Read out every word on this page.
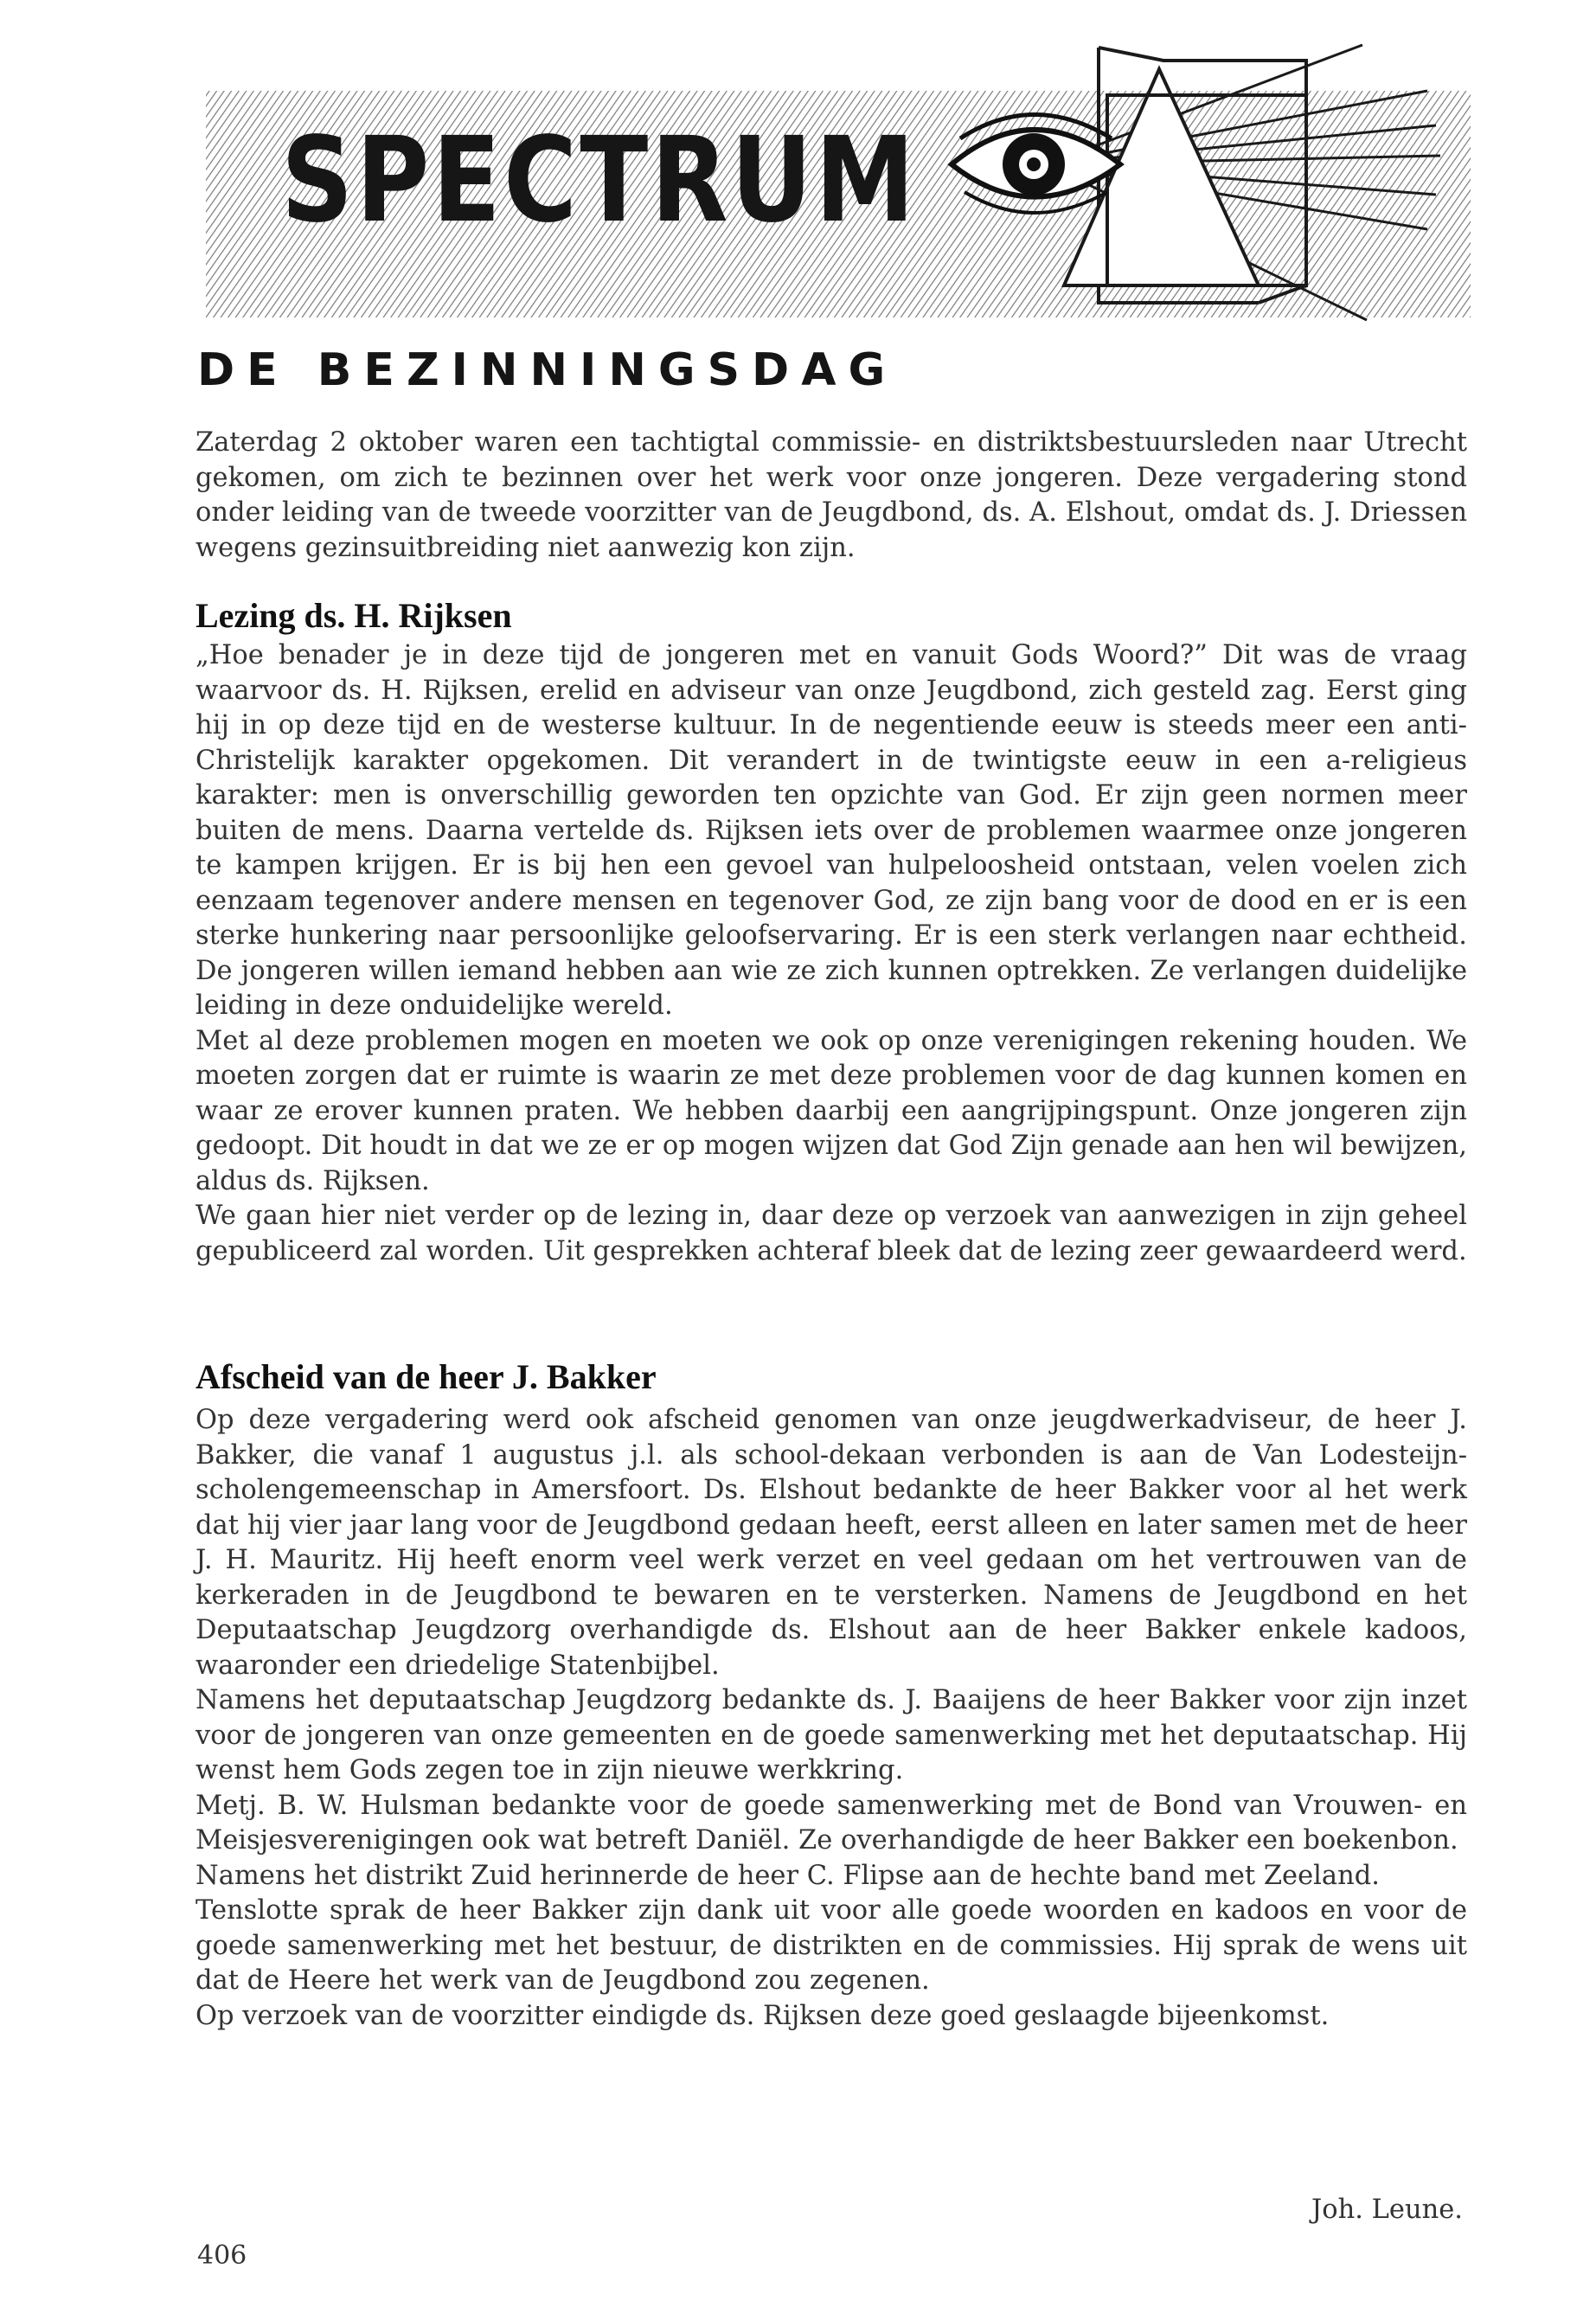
SPECTRUM
DE BEZINNINGSDAG

Zaterdag 2 oktober waren een tachtigtal commissie- en distriktsbestuursleden naar Utrecht gekomen, om zich te bezinnen over het werk voor onze jongeren. Deze vergadering stond onder leiding van de tweede voorzitter van de Jeugdbond, ds. A. Elshout, omdat ds. J. Driessen wegens gezinsuitbreiding niet aanwezig kon zijn.

Lezing ds. H. Rijksen

„Hoe benader je in deze tijd de jongeren met en vanuit Gods Woord?” Dit was de vraag waarvoor ds. H. Rijksen, erelid en adviseur van onze Jeugdbond, zich gesteld zag. Eerst ging hij in op deze tijd en de westerse kultuur. In de negentiende eeuw is steeds meer een anti-Christelijk karakter opgekomen. Dit verandert in de twintigste eeuw in een a-religieus karakter: men is onverschillig geworden ten opzichte van God. Er zijn geen normen meer buiten de mens. Daarna vertelde ds. Rijksen iets over de problemen waarmee onze jongeren te kampen krijgen. Er is bij hen een gevoel van hulpeloosheid ontstaan, velen voelen zich eenzaam tegenover andere mensen en tegenover God, ze zijn bang voor de dood en er is een sterke hunkering naar persoonlijke geloofservaring. Er is een sterk verlangen naar echtheid. De jongeren willen iemand hebben aan wie ze zich kunnen optrekken. Ze verlangen duidelijke leiding in deze onduidelijke wereld.

Met al deze problemen mogen en moeten we ook op onze verenigingen rekening houden. We moeten zorgen dat er ruimte is waarin ze met deze problemen voor de dag kunnen komen en waar ze erover kunnen praten. We hebben daarbij een aangrijpingspunt. Onze jongeren zijn gedoopt. Dit houdt in dat we ze er op mogen wijzen dat God Zijn genade aan hen wil bewijzen, aldus ds. Rijksen.

We gaan hier niet verder op de lezing in, daar deze op verzoek van aanwezigen in zijn geheel gepubliceerd zal worden. Uit gesprekken achteraf bleek dat de lezing zeer gewaardeerd werd.

Afscheid van de heer J. Bakker

Op deze vergadering werd ook afscheid genomen van onze jeugdwerkadviseur, de heer J. Bakker, die vanaf 1 augustus j.l. als school-dekaan verbonden is aan de Van Lodesteijn-scholengemeenschap in Amersfoort. Ds. Elshout bedankte de heer Bakker voor al het werk dat hij vier jaar lang voor de Jeugdbond gedaan heeft, eerst alleen en later samen met de heer J. H. Mauritz. Hij heeft enorm veel werk verzet en veel gedaan om het vertrouwen van de kerkeraden in de Jeugdbond te bewaren en te versterken. Namens de Jeugdbond en het Deputaatschap Jeugdzorg overhandigde ds. Elshout aan de heer Bakker enkele kadoos, waaronder een driedelige Statenbijbel.

Namens het deputaatschap Jeugdzorg bedankte ds. J. Baaijens de heer Bakker voor zijn inzet voor de jongeren van onze gemeenten en de goede samenwerking met het deputaatschap. Hij wenst hem Gods zegen toe in zijn nieuwe werkkring.

Metj. B. W. Hulsman bedankte voor de goede samenwerking met de Bond van Vrouwen- en Meisjesverenigingen ook wat betreft Daniël. Ze overhandigde de heer Bakker een boekenbon.

Namens het distrikt Zuid herinnerde de heer C. Flipse aan de hechte band met Zeeland.

Tenslotte sprak de heer Bakker zijn dank uit voor alle goede woorden en kadoos en voor de goede samenwerking met het bestuur, de distrikten en de commissies. Hij sprak de wens uit dat de Heere het werk van de Jeugdbond zou zegenen.

Op verzoek van de voorzitter eindigde ds. Rijksen deze goed geslaagde bijeenkomst.

Joh. Leune.
406
